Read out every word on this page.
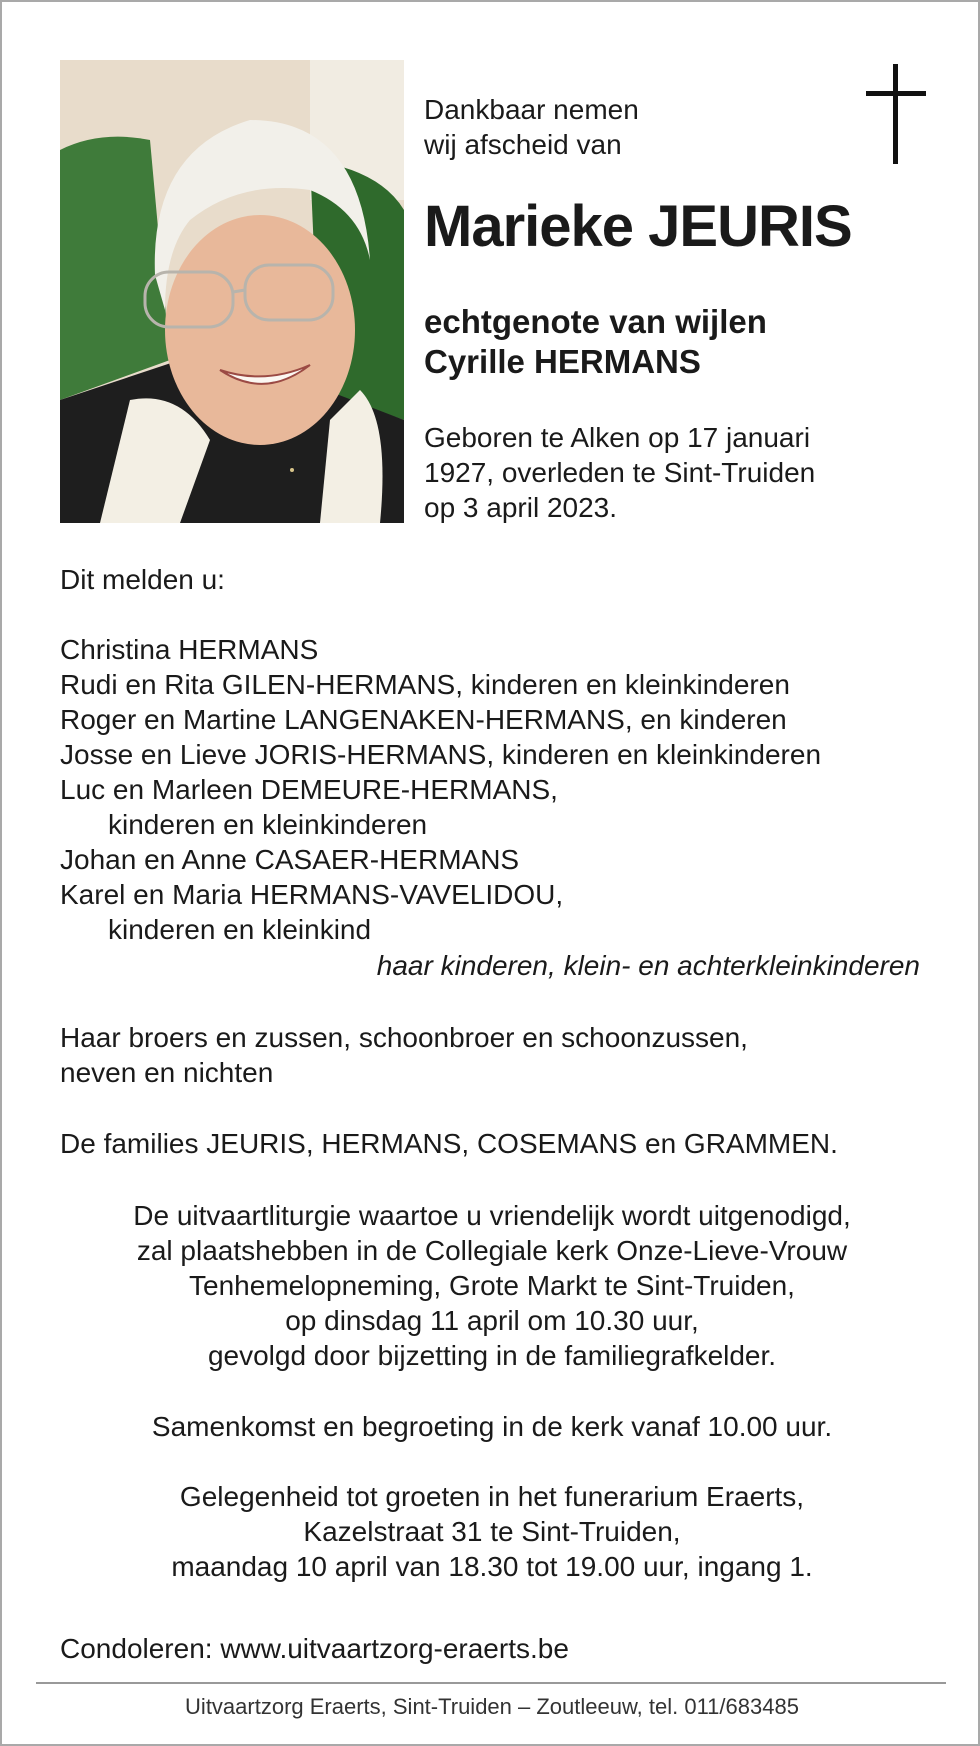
Dankbaar nemen
wij afscheid van
Marieke JEURIS
echtgenote van wijlen
Cyrille HERMANS
Geboren te Alken op 17 januari
1927, overleden te Sint-Truiden
op 3 april 2023.
Dit melden u:
Christina HERMANS
Rudi en Rita GILEN-HERMANS, kinderen en kleinkinderen
Roger en Martine LANGENAKEN-HERMANS, en kinderen
Josse en Lieve JORIS-HERMANS, kinderen en kleinkinderen
Luc en Marleen DEMEURE-HERMANS,
kinderen en kleinkinderen
Johan en Anne CASAER-HERMANS
Karel en Maria HERMANS-VAVELIDOU,
kinderen en kleinkind
haar kinderen, klein- en achterkleinkinderen
Haar broers en zussen, schoonbroer en schoonzussen,
neven en nichten
De families JEURIS, HERMANS, COSEMANS en GRAMMEN.
De uitvaartliturgie waartoe u vriendelijk wordt uitgenodigd,
zal plaatshebben in de Collegiale kerk Onze-Lieve-Vrouw
Tenhemelopneming, Grote Markt te Sint-Truiden,
op dinsdag 11 april om 10.30 uur,
gevolgd door bijzetting in de familiegrafkelder.
Samenkomst en begroeting in de kerk vanaf 10.00 uur.
Gelegenheid tot groeten in het funerarium Eraerts,
Kazelstraat 31 te Sint-Truiden,
maandag 10 april van 18.30 tot 19.00 uur, ingang 1.
Condoleren: www.uitvaartzorg-eraerts.be
Uitvaartzorg Eraerts, Sint-Truiden – Zoutleeuw, tel. 011/683485
